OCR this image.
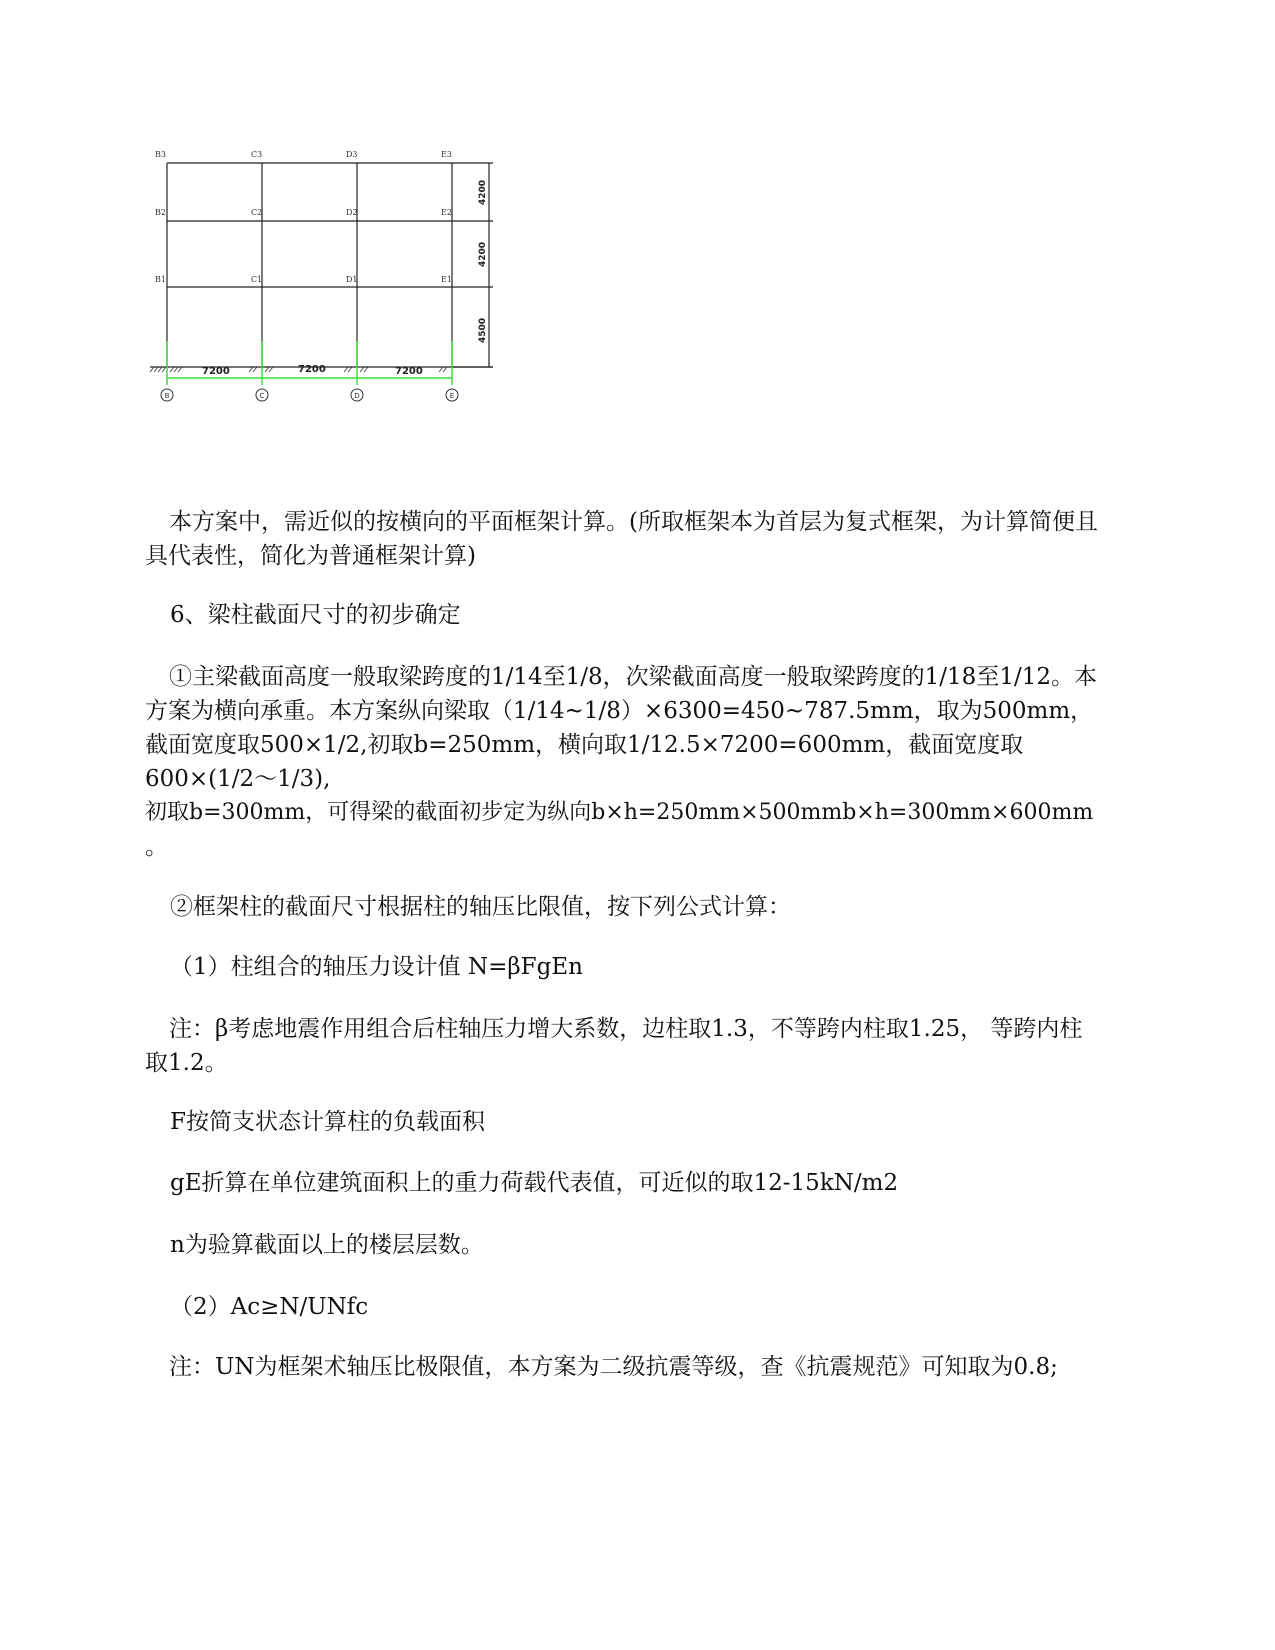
B3	C3	D3	E3
B2	C2	D2	E2
B1	C1	D1	E1
7200	7200	7200
4200
4200
4500
B	C	D	E

本方案中，需近似的按横向的平面框架计算。(所取框架本为首层为复式框架，为计算简便且具代表性，简化为普通框架计算)

6、梁柱截面尺寸的初步确定

①主梁截面高度一般取梁跨度的1/14至1/8，次梁截面高度一般取梁跨度的1/18至1/12。本方案为横向承重。本方案纵向梁取（1/14~1/8）×6300=450~787.5mm，取为500mm，截面宽度取500×1/2,初取b=250mm，横向取1/12.5×7200=600mm，截面宽度取600×(1/2～1/3),

初取b=300mm，可得梁的截面初步定为纵向b×h=250mm×500mmb×h=300mm×600mm

。

②框架柱的截面尺寸根据柱的轴压比限值，按下列公式计算：

（1）柱组合的轴压力设计值 N=βFgEn

注：β考虑地震作用组合后柱轴压力增大系数，边柱取1.3，不等跨内柱取1.25， 等跨内柱取1.2。

F按简支状态计算柱的负载面积

gE折算在单位建筑面积上的重力荷载代表值，可近似的取12-15kN/m2

n为验算截面以上的楼层层数。

（2）Ac≥N/UNfc

注：UN为框架术轴压比极限值，本方案为二级抗震等级，查《抗震规范》可知取为0.8;
